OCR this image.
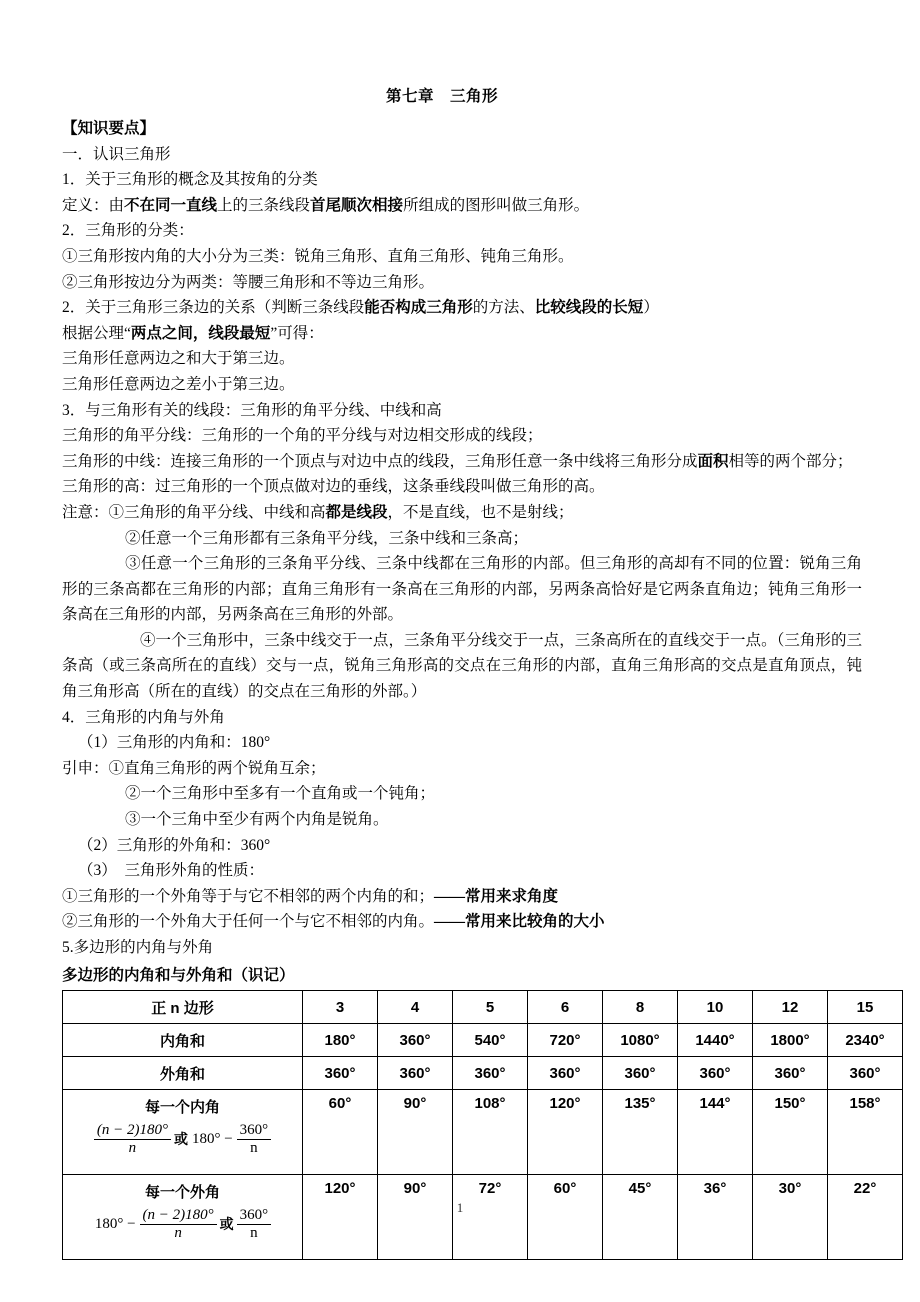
第七章　三角形
【知识要点】

一．认识三角形

1．关于三角形的概念及其按角的分类

定义：由不在同一直线上的三条线段首尾顺次相接所组成的图形叫做三角形。

2．三角形的分类：

①三角形按内角的大小分为三类：锐角三角形、直角三角形、钝角三角形。

②三角形按边分为两类：等腰三角形和不等边三角形。

2．关于三角形三条边的关系（判断三条线段能否构成三角形的方法、比较线段的长短）

根据公理“两点之间，线段最短”可得：

三角形任意两边之和大于第三边。

三角形任意两边之差小于第三边。

3．与三角形有关的线段：三角形的角平分线、中线和高

三角形的角平分线：三角形的一个角的平分线与对边相交形成的线段；

三角形的中线：连接三角形的一个顶点与对边中点的线段，三角形任意一条中线将三角形分成面积相等的两个部分；

三角形的高：过三角形的一个顶点做对边的垂线，这条垂线段叫做三角形的高。

注意：①三角形的角平分线、中线和高都是线段，不是直线，也不是射线；

②任意一个三角形都有三条角平分线，三条中线和三条高；

③任意一个三角形的三条角平分线、三条中线都在三角形的内部。但三角形的高却有不同的位置：锐角三角形的三条高都在三角形的内部；直角三角形有一条高在三角形的内部，另两条高恰好是它两条直角边；钝角三角形一条高在三角形的内部，另两条高在三角形的外部。

④一个三角形中，三条中线交于一点，三条角平分线交于一点，三条高所在的直线交于一点。（三角形的三条高（或三条高所在的直线）交与一点，锐角三角形高的交点在三角形的内部，直角三角形高的交点是直角顶点，钝角三角形高（所在的直线）的交点在三角形的外部。）

4．三角形的内角与外角

（1）三角形的内角和：180°

引申：①直角三角形的两个锐角互余；

②一个三角形中至多有一个直角或一个钝角；

③一个三角中至少有两个内角是锐角。

（2）三角形的外角和：360°

（3）　三角形外角的性质：

①三角形的一个外角等于与它不相邻的两个内角的和；——常用来求角度

②三角形的一个外角大于任何一个与它不相邻的内角。——常用来比较角的大小

5.多边形的内角与外角

多边形的内角和与外角和（识记）
正 n 边形	3	4	5	6	8	10	12	15
内角和	180°	360°	540°	720°	1080°	1440°	1800°	2340°
外角和	360°	360°	360°	360°	360°	360°	360°	360°

每一个内角
$\frac{(n - 2)180^\circ}{n}$ 或 $180^\circ - \frac{360^\circ}{n}$
	60°	90°	108°	120°	135°	144°	150°	158°

每一个外角
$180^\circ - \frac{(n - 2)180^\circ}{n}$ 或 $\frac{360^\circ}{n}$
	120°	90°	72°	60°	45°	36°	30°	22°
1
